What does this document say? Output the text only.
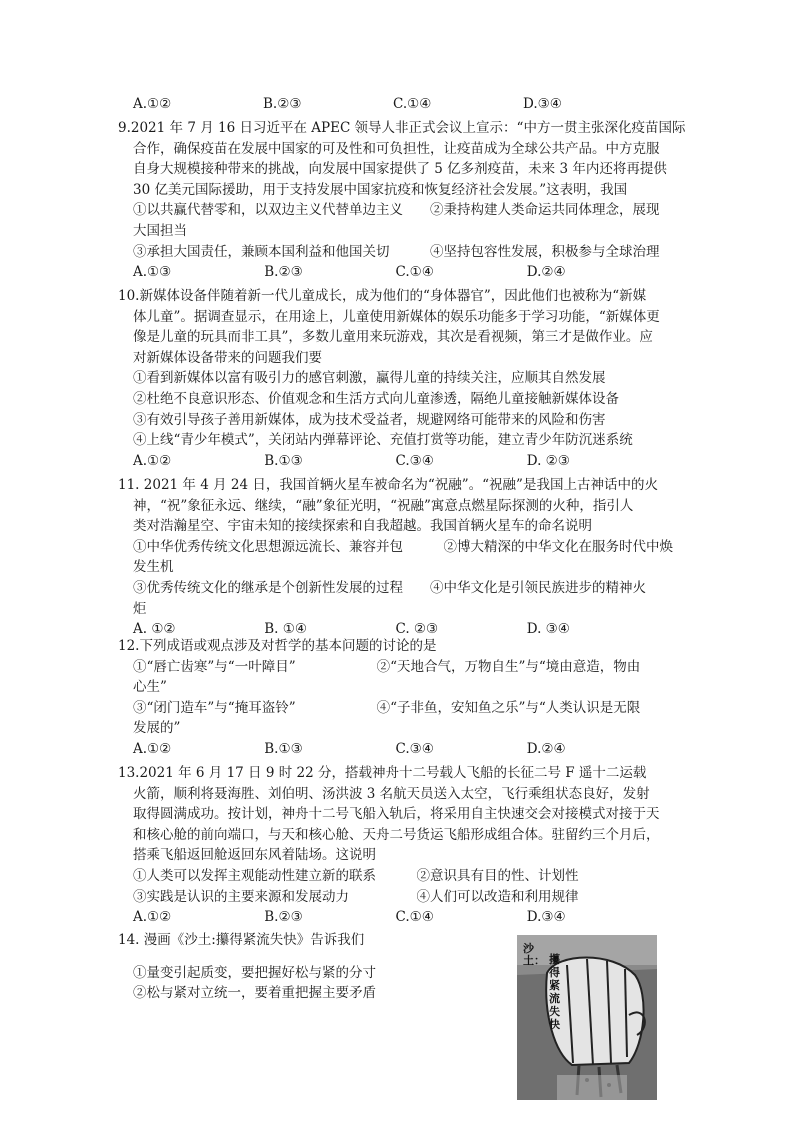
A.①②	B.②③	C.①④	D.③④
9.2021 年 7 月 16 日习近平在 APEC 领导人非正式会议上宣示：“中方一贯主张深化疫苗国际
合作，确保疫苗在发展中国家的可及性和可负担性，让疫苗成为全球公共产品。中方克服
自身大规模接种带来的挑战，向发展中国家提供了 5 亿多剂疫苗，未来 3 年内还将再提供
30 亿美元国际援助，用于支持发展中国家抗疫和恢复经济社会发展。”这表明，我国
①以共赢代替零和，以双边主义代替单边主义　　②秉持构建人类命运共同体理念，展现
大国担当
③承担大国责任，兼顾本国利益和他国关切　　　④坚持包容性发展，积极参与全球治理
A.①③	B.②③	C.①④	D.②④
10.新媒体设备伴随着新一代儿童成长，成为他们的“身体器官”，因此他们也被称为“新媒
体儿童”。据调查显示，在用途上，儿童使用新媒体的娱乐功能多于学习功能，“新媒体更
像是儿童的玩具而非工具”，多数儿童用来玩游戏，其次是看视频，第三才是做作业。应
对新媒体设备带来的问题我们要
①看到新媒体以富有吸引力的感官刺激，赢得儿童的持续关注，应顺其自然发展
②杜绝不良意识形态、价值观念和生活方式向儿童渗透，隔绝儿童接触新媒体设备
③有效引导孩子善用新媒体，成为技术受益者，规避网络可能带来的风险和伤害
④上线“青少年模式”，关闭站内弹幕评论、充值打赏等功能，建立青少年防沉迷系统
A.①②	B.①③	C.③④	D. ②③
11. 2021 年 4 月 24 日，我国首辆火星车被命名为“祝融”。“祝融”是我国上古神话中的火
神，“祝”象征永远、继续，“融”象征光明，“祝融”寓意点燃星际探测的火种，指引人
类对浩瀚星空、宇宙未知的接续探索和自我超越。我国首辆火星车的命名说明
①中华优秀传统文化思想源远流长、兼容并包　　　②博大精深的中华文化在服务时代中焕
发生机
③优秀传统文化的继承是个创新性发展的过程　　④中华文化是引领民族进步的精神火
炬
A. ①②	B. ①④	C. ②③	D. ③④
12.下列成语或观点涉及对哲学的基本问题的讨论的是
①“唇亡齿寒”与“一叶障目”　　　　　　②“天地合气，万物自生”与“境由意造，物由
心生”
③“闭门造车”与“掩耳盗铃”　　　　　　④“子非鱼，安知鱼之乐”与“人类认识是无限
发展的”
A.①②	B.①③	C.③④	D.②④
13.2021 年 6 月 17 日 9 时 22 分，搭载神舟十二号载人飞船的长征二号 F 遥十二运载
火箭，顺利将聂海胜、刘伯明、汤洪波 3 名航天员送入太空，飞行乘组状态良好，发射
取得圆满成功。按计划，神舟十二号飞船入轨后，将采用自主快速交会对接模式对接于天
和核心舱的前向端口，与天和核心舱、天舟二号货运飞船形成组合体。驻留约三个月后，
搭乘飞船返回舱返回东风着陆场。这说明
①人类可以发挥主观能动性建立新的联系　　　②意识具有目的性、计划性
③实践是认识的主要来源和发展动力　　　　　④人们可以改造和利用规律
A.①②	B.②③	C.①④	D.③④
14. 漫画《沙土:攥得紧流失快》告诉我们
①量变引起质变，要把握好松与紧的分寸
②松与紧对立统一，要着重把握主要矛盾
沙土： 攥得紧流失快
